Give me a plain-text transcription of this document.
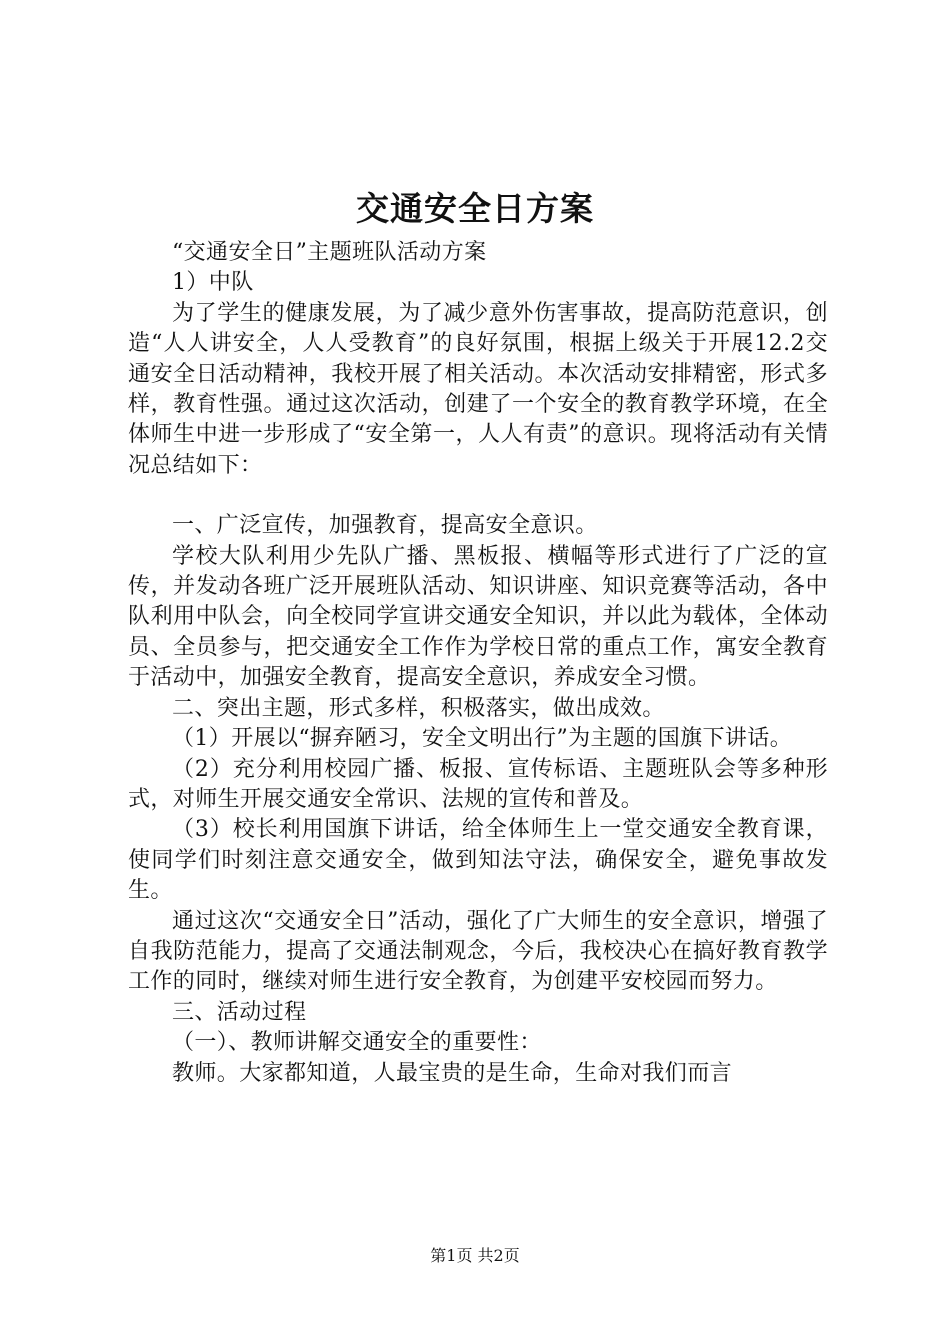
交通安全日方案

“交通安全日”主题班队活动方案

1）中队

为了学生的健康发展，为了减少意外伤害事故，提高防范意识，创造“人人讲安全，人人受教育”的良好氛围，根据上级关于开展12.2交通安全日活动精神，我校开展了相关活动。本次活动安排精密，形式多样，教育性强。通过这次活动，创建了一个安全的教育教学环境，在全体师生中进一步形成了“安全第一，人人有责”的意识。现将活动有关情况总结如下：

一、广泛宣传，加强教育，提高安全意识。

学校大队利用少先队广播、黑板报、横幅等形式进行了广泛的宣传，并发动各班广泛开展班队活动、知识讲座、知识竞赛等活动，各中队利用中队会，向全校同学宣讲交通安全知识，并以此为载体，全体动员、全员参与，把交通安全工作作为学校日常的重点工作，寓安全教育于活动中，加强安全教育，提高安全意识，养成安全习惯。

二、突出主题，形式多样，积极落实，做出成效。

（1）开展以“摒弃陋习，安全文明出行”为主题的国旗下讲话。

（2）充分利用校园广播、板报、宣传标语、主题班队会等多种形式，对师生开展交通安全常识、法规的宣传和普及。

（3）校长利用国旗下讲话，给全体师生上一堂交通安全教育课，使同学们时刻注意交通安全，做到知法守法，确保安全，避免事故发生。

通过这次“交通安全日”活动，强化了广大师生的安全意识，增强了自我防范能力，提高了交通法制观念，今后，我校决心在搞好教育教学工作的同时，继续对师生进行安全教育，为创建平安校园而努力。

三、活动过程

（一）、教师讲解交通安全的重要性：

教师。大家都知道，人最宝贵的是生命，生命对我们而言

第1页 共2页
